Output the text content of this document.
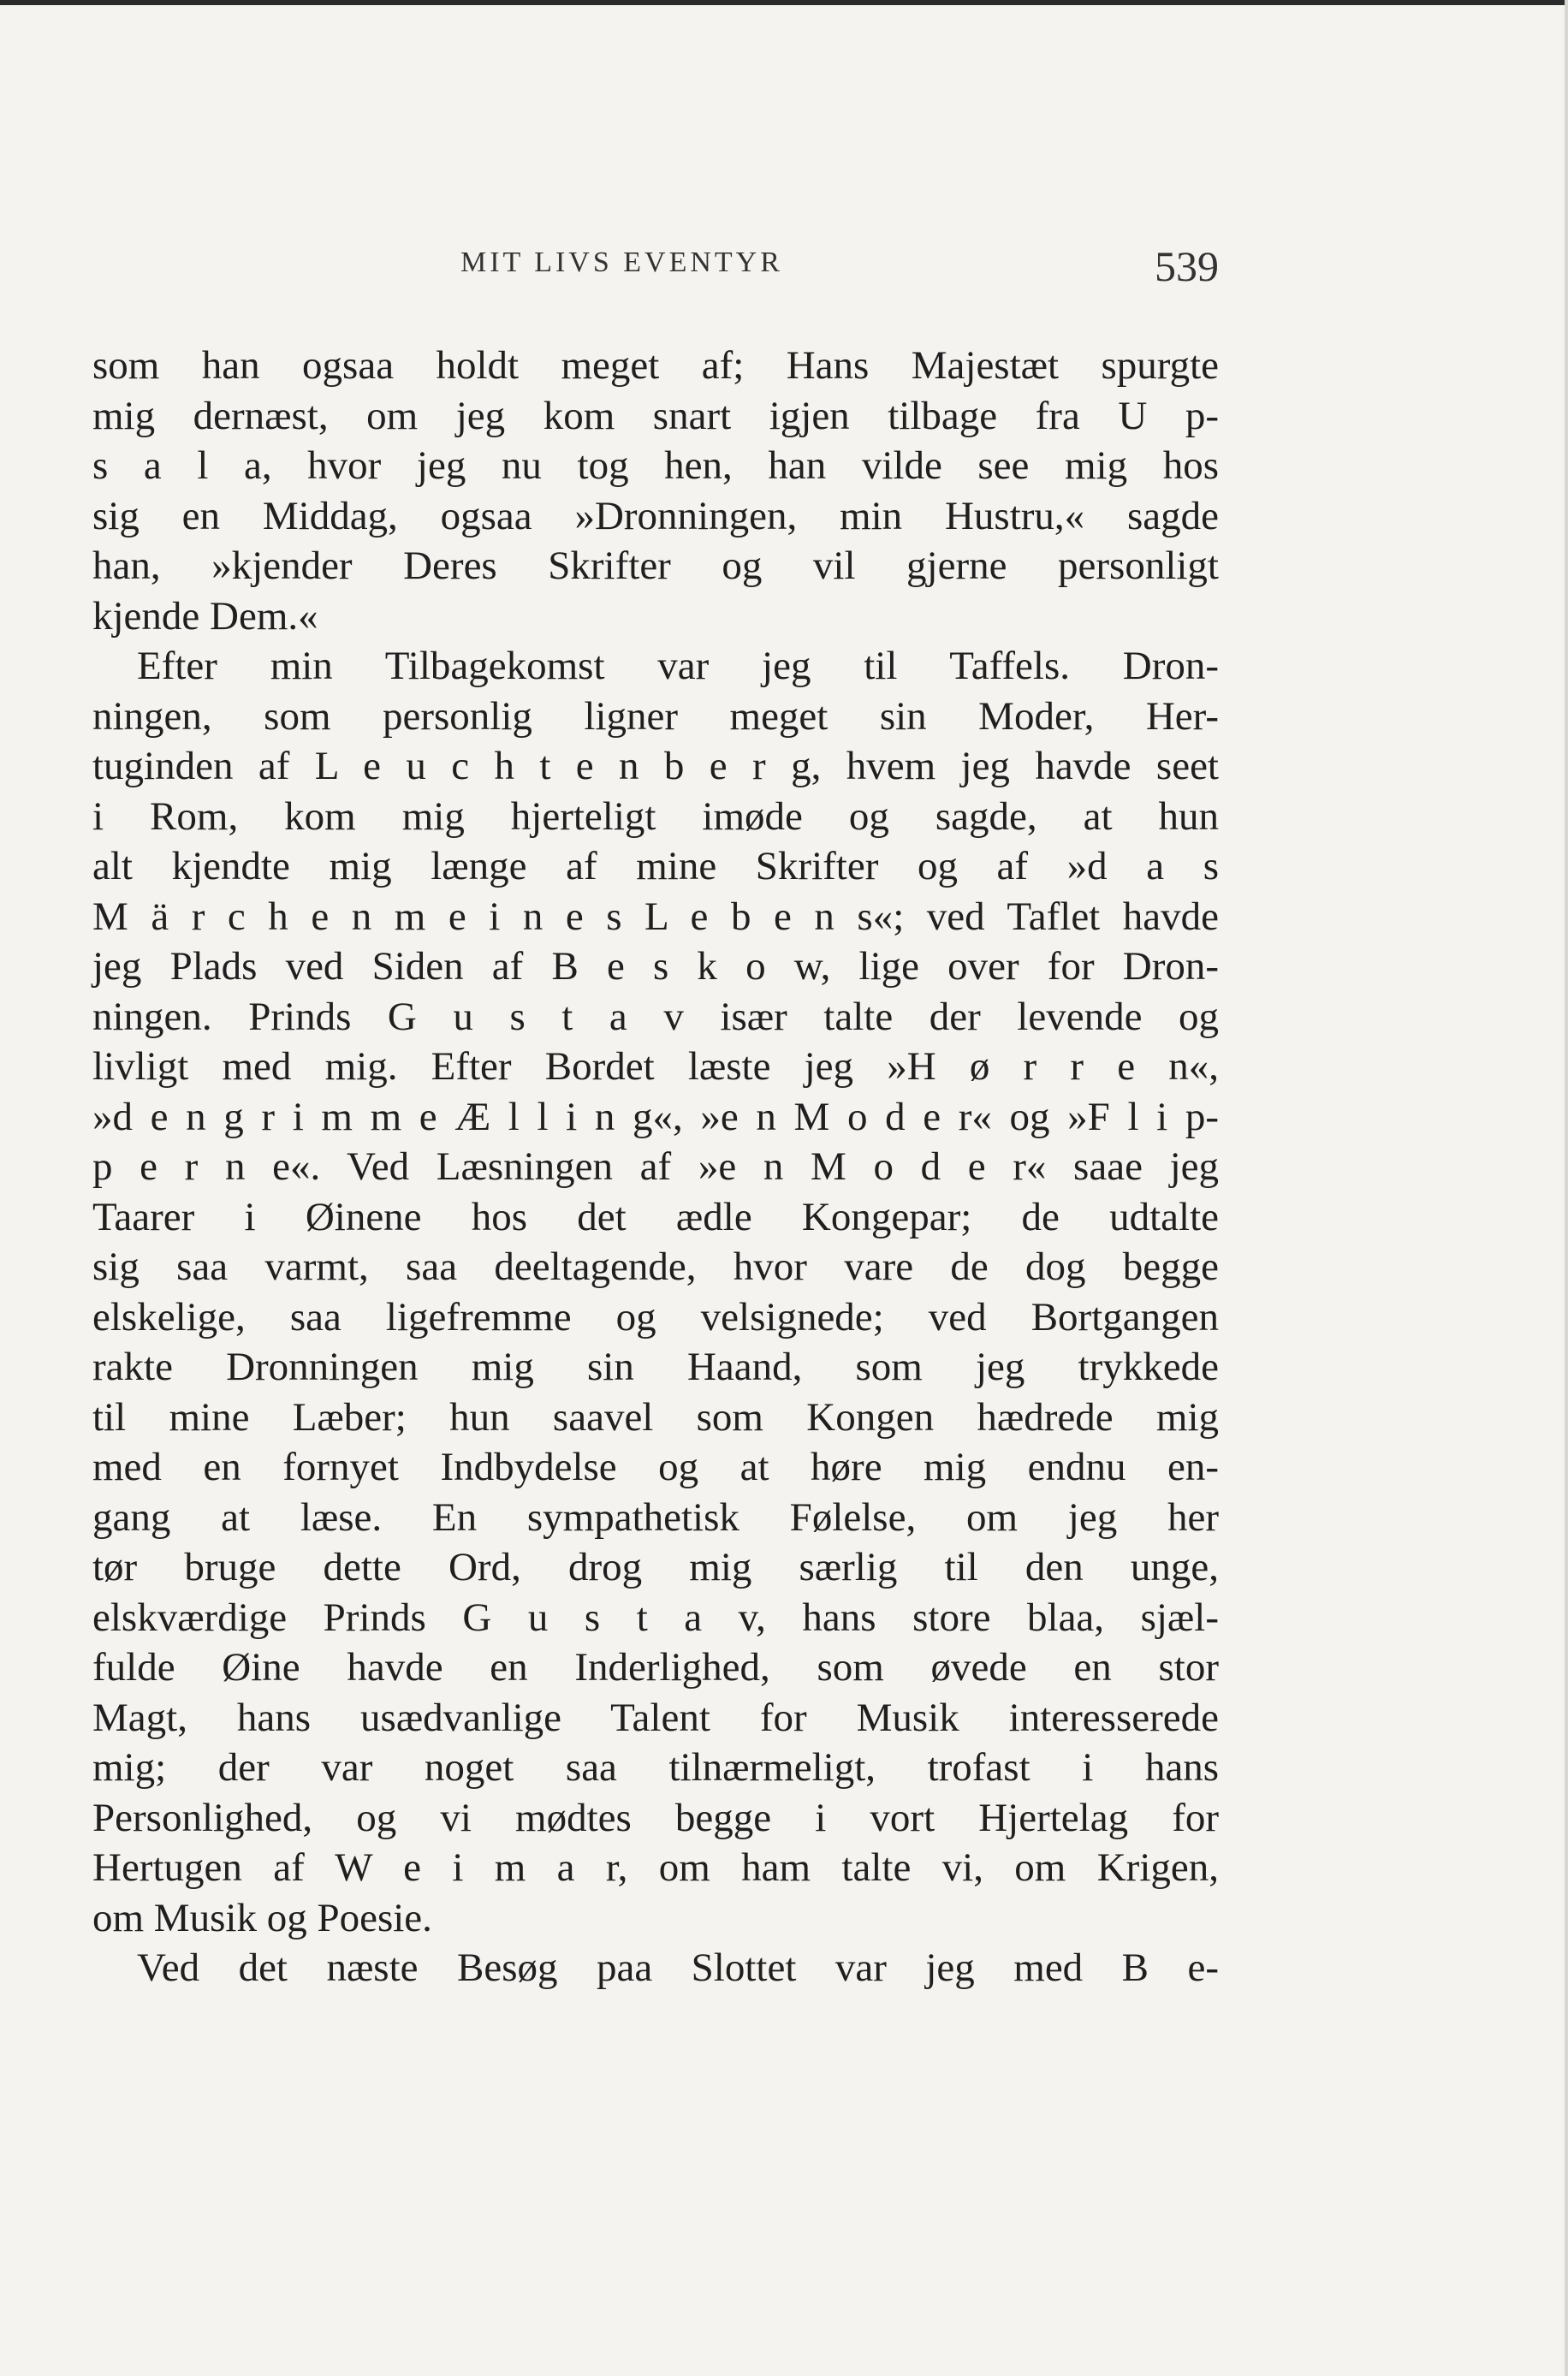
MIT LIVS EVENTYR	539
som han ogsaa holdt meget af; Hans Majestæt spurgte
mig dernæst, om jeg kom snart igjen tilbage fra U p-
s a l a, hvor jeg nu tog hen, han vilde see mig hos
sig en Middag, ogsaa »Dronningen, min Hustru,« sagde
han, »kjender Deres Skrifter og vil gjerne personligt
kjende Dem.«
Efter min Tilbagekomst var jeg til Taffels. Dron-
ningen, som personlig ligner meget sin Moder, Her-
tuginden af L e u c h t e n b e r g, hvem jeg havde seet
i Rom, kom mig hjerteligt imøde og sagde, at hun
alt kjendte mig længe af mine Skrifter og af »d a s
M ä r c h e n m e i n e s L e b e n s«; ved Taflet havde
jeg Plads ved Siden af B e s k o w, lige over for Dron-
ningen. Prinds G u s t a v især talte der levende og
livligt med mig. Efter Bordet læste jeg »H ø r r e n«,
»d e n g r i m m e Æ l l i n g«, »e n M o d e r« og »F l i p-
p e r n e«. Ved Læsningen af »e n M o d e r« saae jeg
Taarer i Øinene hos det ædle Kongepar; de udtalte
sig saa varmt, saa deeltagende, hvor vare de dog begge
elskelige, saa ligefremme og velsignede; ved Bortgangen
rakte Dronningen mig sin Haand, som jeg trykkede
til mine Læber; hun saavel som Kongen hædrede mig
med en fornyet Indbydelse og at høre mig endnu en-
gang at læse. En sympathetisk Følelse, om jeg her
tør bruge dette Ord, drog mig særlig til den unge,
elskværdige Prinds G u s t a v, hans store blaa, sjæl-
fulde Øine havde en Inderlighed, som øvede en stor
Magt, hans usædvanlige Talent for Musik interesserede
mig; der var noget saa tilnærmeligt, trofast i hans
Personlighed, og vi mødtes begge i vort Hjertelag for
Hertugen af W e i m a r, om ham talte vi, om Krigen,
om Musik og Poesie.
Ved det næste Besøg paa Slottet var jeg med B e-
